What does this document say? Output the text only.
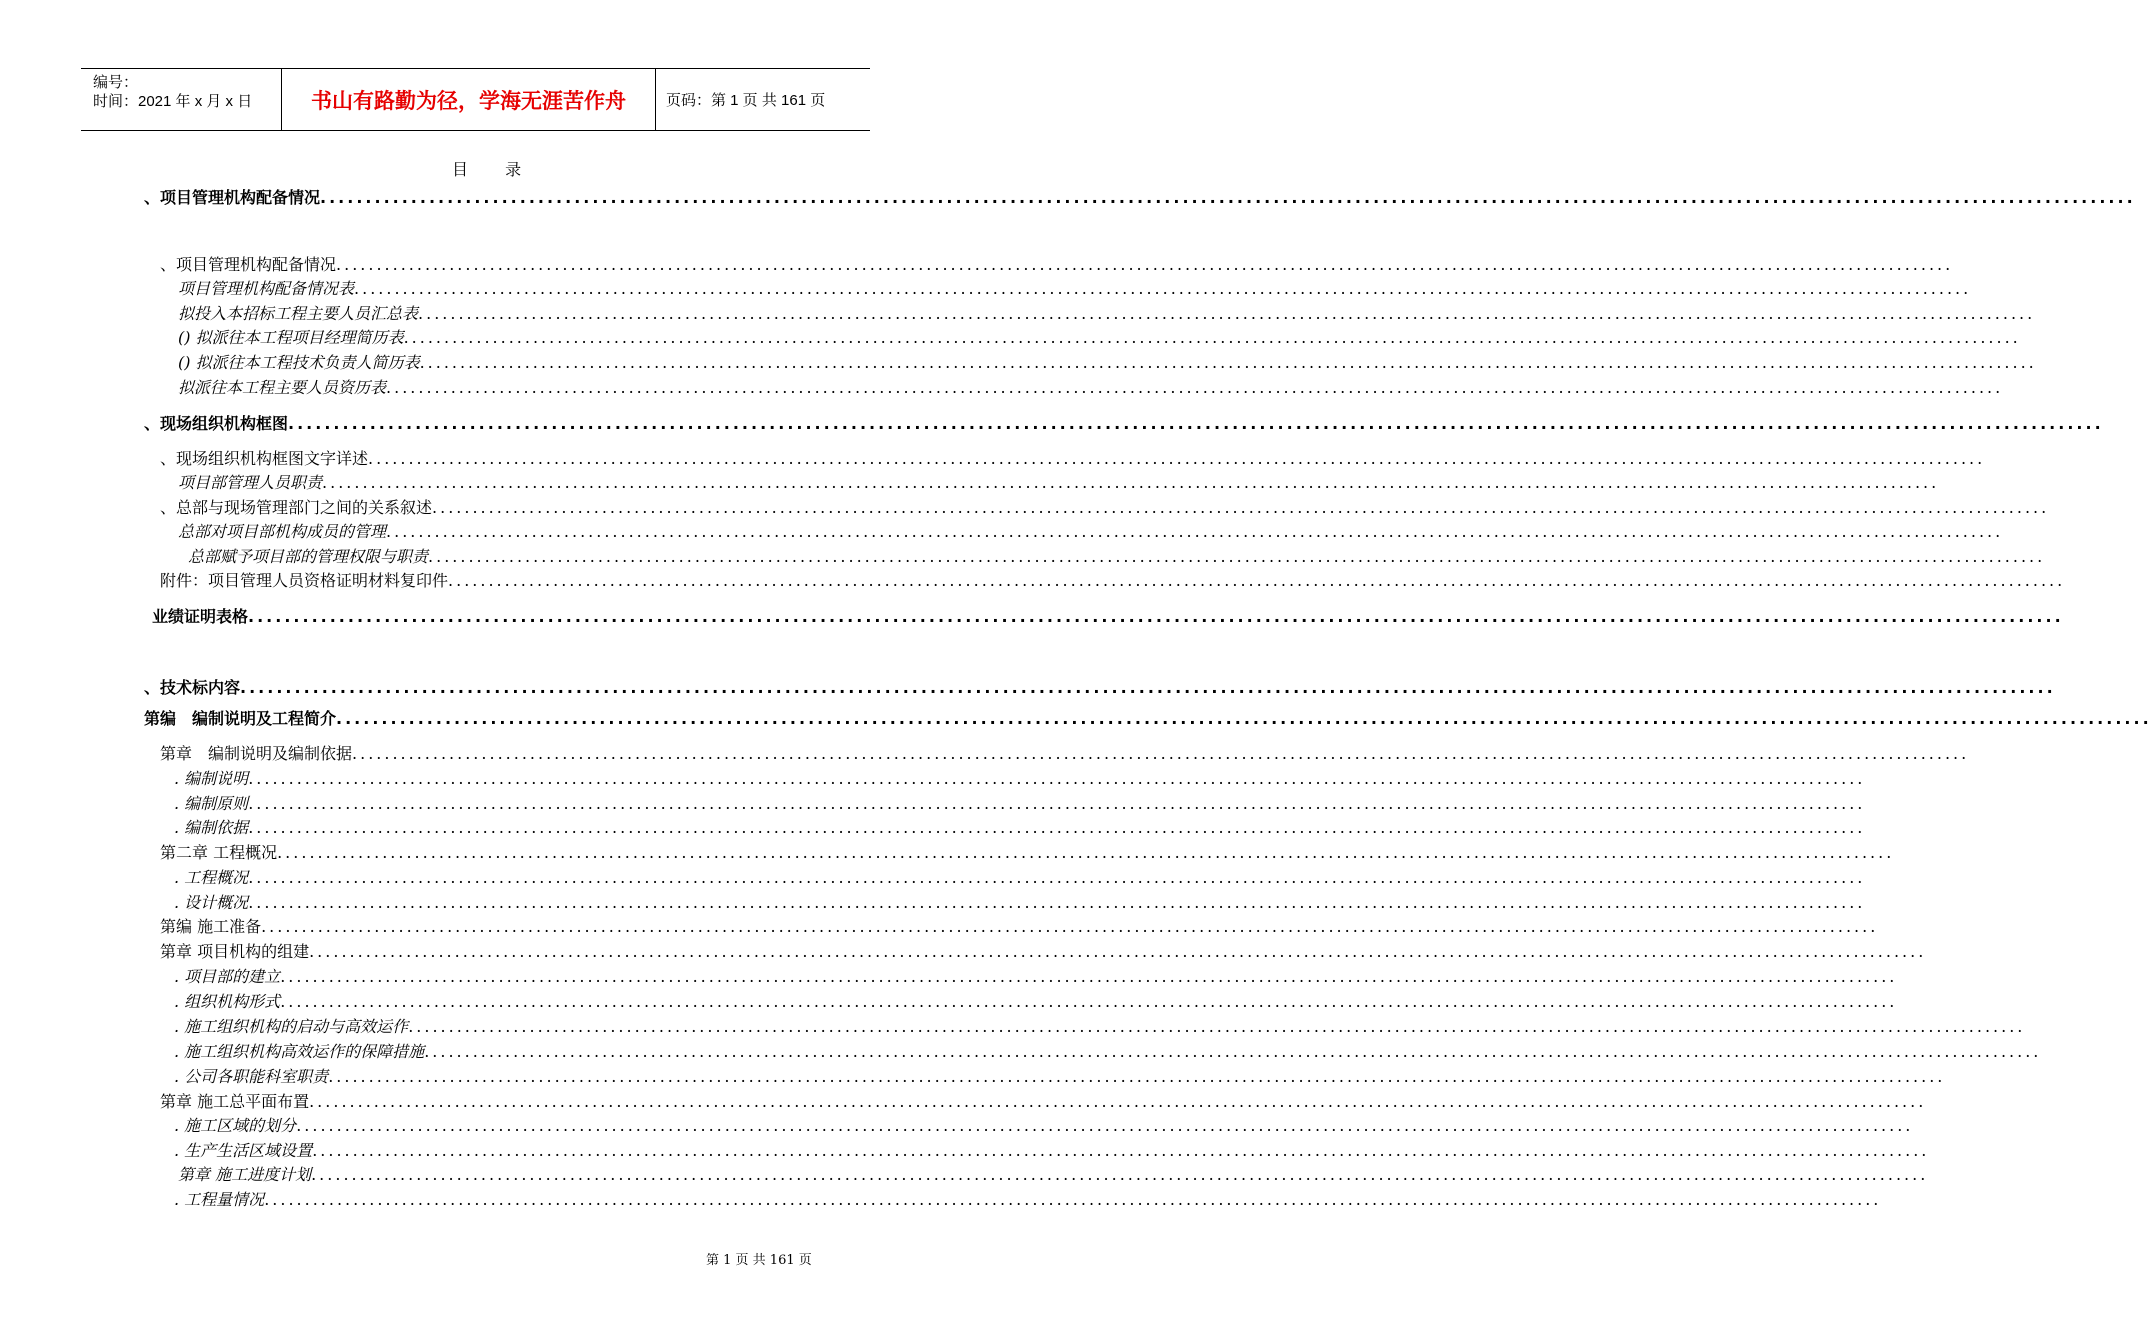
编号：
时间：2021 年 x 月 x 日	书山有路勤为径，学海无涯苦作舟	页码：第 1 页 共 161 页
目 录
、项目管理机构配备情况 ........................................................................................................................................................................................................
、项目管理机构配备情况 ........................................................................................................................................................................................................
项目管理机构配备情况表 ........................................................................................................................................................................................................
拟投入本招标工程主要人员汇总表 ........................................................................................................................................................................................................
() 拟派往本工程项目经理简历表 ........................................................................................................................................................................................................
() 拟派往本工程技术负责人简历表 ........................................................................................................................................................................................................
拟派往本工程主要人员资历表 ........................................................................................................................................................................................................
、现场组织机构框图 ........................................................................................................................................................................................................
、现场组织机构框图文字详述 ........................................................................................................................................................................................................
项目部管理人员职责 ........................................................................................................................................................................................................
、总部与现场管理部门之间的关系叙述 ........................................................................................................................................................................................................
总部对项目部机构成员的管理 ........................................................................................................................................................................................................
总部赋予项目部的管理权限与职责 ........................................................................................................................................................................................................
附件：项目管理人员资格证明材料复印件 ........................................................................................................................................................................................................
业绩证明表格 ........................................................................................................................................................................................................
、技术标内容 ........................................................................................................................................................................................................
第编　编制说明及工程简介 ........................................................................................................................................................................................................
第章　编制说明及编制依据 ........................................................................................................................................................................................................
. 编制说明 ........................................................................................................................................................................................................
. 编制原则 ........................................................................................................................................................................................................
. 编制依据 ........................................................................................................................................................................................................
第二章 工程概况 ........................................................................................................................................................................................................
. 工程概况 ........................................................................................................................................................................................................
. 设计概况 ........................................................................................................................................................................................................
第编 施工准备 ........................................................................................................................................................................................................
第章 项目机构的组建 ........................................................................................................................................................................................................
. 项目部的建立 ........................................................................................................................................................................................................
. 组织机构形式 ........................................................................................................................................................................................................
. 施工组织机构的启动与高效运作 ........................................................................................................................................................................................................
. 施工组织机构高效运作的保障措施 ........................................................................................................................................................................................................
. 公司各职能科室职责 ........................................................................................................................................................................................................
第章 施工总平面布置 ........................................................................................................................................................................................................
. 施工区域的划分 ........................................................................................................................................................................................................
. 生产生活区域设置 ........................................................................................................................................................................................................
第章 施工进度计划 ........................................................................................................................................................................................................
. 工程量情况 ........................................................................................................................................................................................................
第 1 页 共 161 页
